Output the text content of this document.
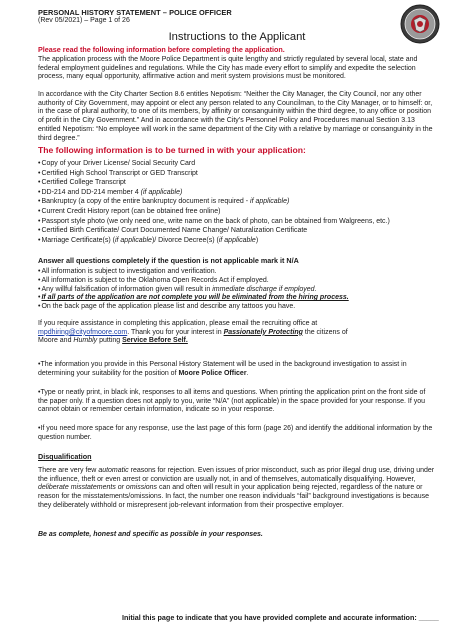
PERSONAL HISTORY STATEMENT – POLICE OFFICER
(Rev 05/2021) – Page 1 of 26
Instructions to the Applicant
Please read the following information before completing the application.

The application process with the Moore Police Department is quite lengthy and strictly regulated by several local, state and federal employment guidelines and regulations. While the City has made every effort to simplify and expedite the selection process, many equal opportunity, affirmative action and merit system provisions must be monitored.

In accordance with the City Charter Section 8.6 entitles Nepotism: “Neither the City Manager, the City Council, nor any other authority of City Government, may appoint or elect any person related to any Councilman, to the City Manager, or to himself: or, in the case of plural authority, to one of its members, by affinity or consanguinity within the third degree, to any office or position of profit in the City Government.” And in accordance with the City’s Personnel Policy and Procedures manual Section 3.13 entitled Nepotism: “No employee will work in the same department of the City with a relative by marriage or consanguinity in the third degree.”

The following information is to be turned in with your application:
• Copy of your Driver License/ Social Security Card
• Certified High School Transcript or GED Transcript
• Certified College Transcript
• DD-214 and DD-214 member 4 (if applicable)
• Bankruptcy (a copy of the entire bankruptcy document is required - if applicable)
• Current Credit History report (can be obtained free online)
• Passport style photo (we only need one, write name on the back of photo, can be obtained from Walgreens, etc.)
• Certified Birth Certificate/ Court Documented Name Change/ Naturalization Certificate
• Marriage Certificate(s) (if applicable)/ Divorce Decree(s) (if applicable)
Answer all questions completely if the question is not applicable mark it N/A
• All information is subject to investigation and verification.
• All information is subject to the Oklahoma Open Records Act if employed.
• Any willful falsification of information given will result in immediate discharge if employed.
• If all parts of the application are not complete you will be eliminated from the hiring process.
• On the back page of the application please list and describe any tattoos you have.

If you require assistance in completing this application, please email the recruiting office at
mpdhiring@cityofmoore.com. Thank you for your interest in Passionately Protecting the citizens of
Moore and Humbly putting Service Before Self.

•The information you provide in this Personal History Statement will be used in the background investigation to assist in determining your suitability for the position of Moore Police Officer.

•Type or neatly print, in black ink, responses to all items and questions. When printing the application print on the front side of the paper only. If a question does not apply to you, write “N/A” (not applicable) in the space provided for your response. If you cannot obtain or remember certain information, indicate so in your response.

•If you need more space for any response, use the last page of this form (page 26) and identify the additional information by the question number.

Disqualification

There are very few automatic reasons for rejection. Even issues of prior misconduct, such as prior illegal drug use, driving under the influence, theft or even arrest or conviction are usually not, in and of themselves, automatically disqualifying. However, deliberate misstatements or omissions can and often will result in your application being rejected, regardless of the nature or reason for the misstatements/omissions. In fact, the number one reason individuals “fail” background investigations is because they deliberately withhold or misrepresent job-relevant information from their prospective employer.

Be as complete, honest and specific as possible in your responses.
Initial this page to indicate that you have provided complete and accurate information: _____
